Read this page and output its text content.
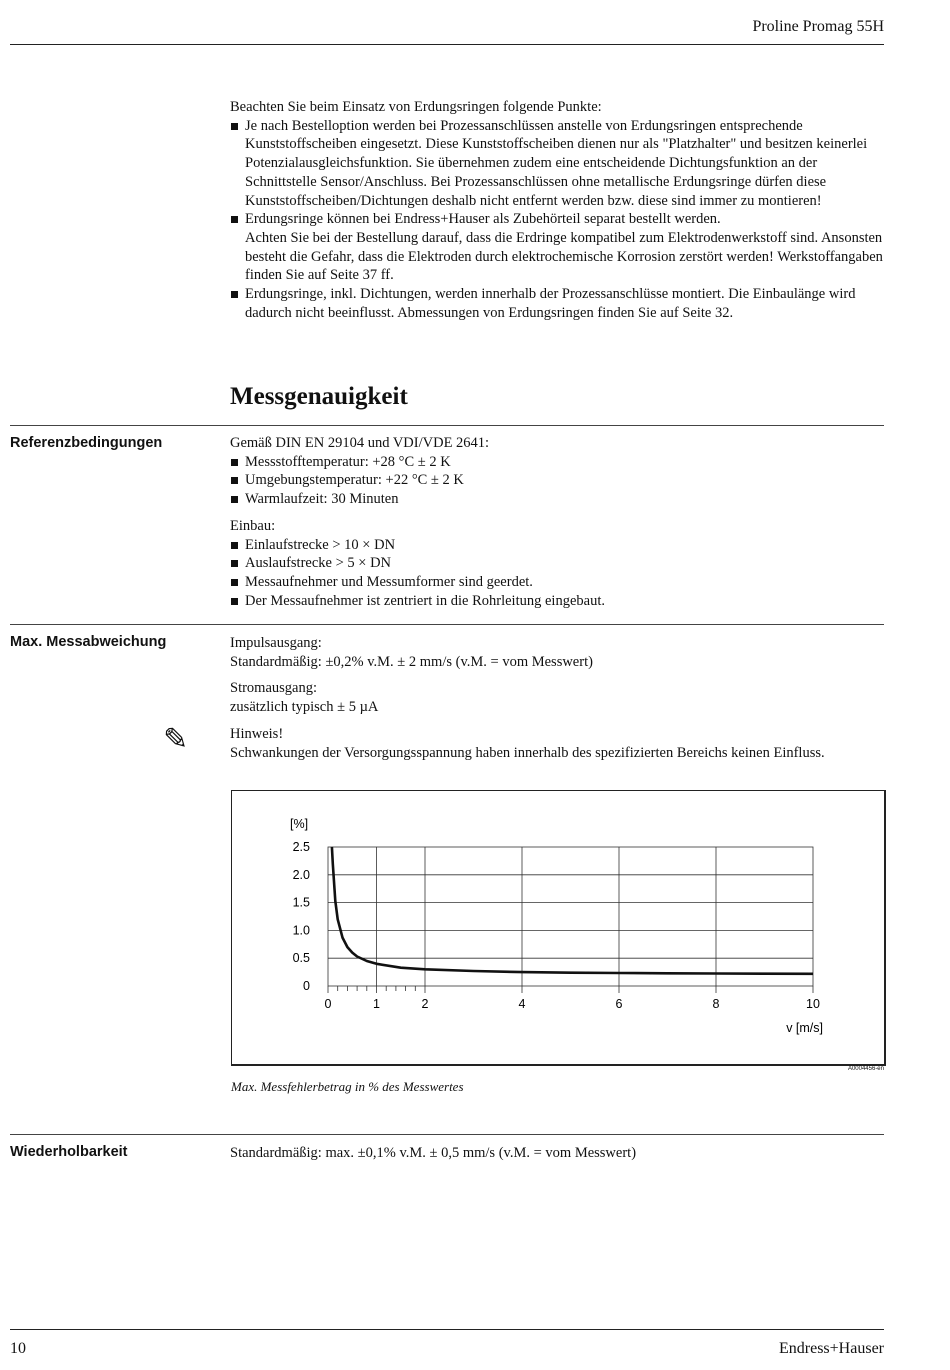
Proline Promag 55H

Beachten Sie beim Einsatz von Erdungsringen folgende Punkte:

Je nach Bestelloption werden bei Prozessanschlüssen anstelle von Erdungsringen entsprechende Kunststoffscheiben eingesetzt. Diese Kunststoffscheiben dienen nur als "Platzhalter" und besitzen keinerlei Potenzialausgleichsfunktion. Sie übernehmen zudem eine entscheidende Dichtungsfunktion an der Schnittstelle Sensor/Anschluss. Bei Prozessanschlüssen ohne metallische Erdungsringe dürfen diese Kunststoffscheiben/Dichtungen deshalb nicht entfernt werden bzw. diese sind immer zu montieren!
Erdungsringe können bei Endress+Hauser als Zubehörteil separat bestellt werden.
Achten Sie bei der Bestellung darauf, dass die Erdringe kompatibel zum Elektrodenwerkstoff sind. Ansonsten besteht die Gefahr, dass die Elektroden durch elektrochemische Korrosion zerstört werden! Werkstoffangaben finden Sie auf Seite 37 ff.
Erdungsringe, inkl. Dichtungen, werden innerhalb der Prozessanschlüsse montiert. Die Einbaulänge wird dadurch nicht beeinflusst. Abmessungen von Erdungsringen finden Sie auf Seite 32.
Messgenauigkeit
Referenzbedingungen	Gemäß DIN EN 29104 und VDI/VDE 2641:

Messstofftemperatur: +28 °C ± 2 K
Umgebungstemperatur: +22 °C ± 2 K
Warmlaufzeit: 30 Minuten

Einbau:

Einlaufstrecke > 10 × DN
Auslaufstrecke > 5 × DN
Messaufnehmer und Messumformer sind geerdet.
Der Messaufnehmer ist zentriert in die Rohrleitung eingebaut.
Max. Messabweichung	Impulsausgang:

Standardmäßig: ±0,2% v.M. ± 2 mm/s (v.M. = vom Messwert)

Stromausgang:

zusätzlich typisch ± 5 µA

Hinweis!

Schwankungen der Versorgungsspannung haben innerhalb des spezifizierten Bereichs keinen Einfluss.

✎
[%]
v [m/s]
0	1	2	4	6	8	10
0
0.5
1.0
1.5
2.0
2.5
A0004456-en
Max. Messfehlerbetrag in % des Messwertes
Wiederholbarkeit	Standardmäßig: max. ±0,1% v.M. ± 0,5 mm/s (v.M. = vom Messwert)
10	Endress+Hauser
